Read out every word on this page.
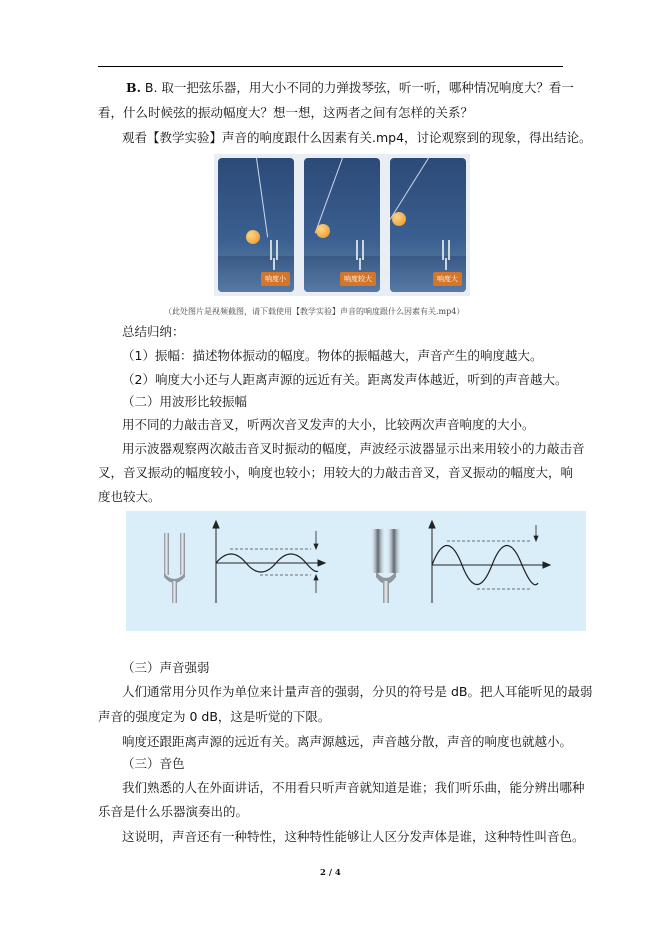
B. B. 取一把弦乐器，用大小不同的力弹拨琴弦，听一听，哪种情况响度大？看一
看，什么时候弦的振动幅度大？想一想，这两者之间有怎样的关系？
观看【教学实验】声音的响度跟什么因素有关.mp4，讨论观察到的现象，得出结论。
响度小	响度较大	响度大
（此处图片是视频截图，请下载使用【教学实验】声音的响度跟什么因素有关.mp4）
总结归纳：
（1）振幅：描述物体振动的幅度。物体的振幅越大，声音产生的响度越大。
（2）响度大小还与人距离声源的远近有关。距离发声体越近，听到的声音越大。
（二）用波形比较振幅
用不同的力敲击音叉，听两次音叉发声的大小，比较两次声音响度的大小。
用示波器观察两次敲击音叉时振动的幅度，声波经示波器显示出来用较小的力敲击音
叉，音叉振动的幅度较小，响度也较小；用较大的力敲击音叉，音叉振动的幅度大，响
度也较大。
（三）声音强弱
人们通常用分贝作为单位来计量声音的强弱，分贝的符号是 dB。把人耳能听见的最弱
声音的强度定为 0 dB，这是听觉的下限。
响度还跟距离声源的远近有关。离声源越远，声音越分散，声音的响度也就越小。
（三）音色
我们熟悉的人在外面讲话，不用看只听声音就知道是谁；我们听乐曲，能分辨出哪种
乐音是什么乐器演奏出的。
这说明，声音还有一种特性，这种特性能够让人区分发声体是谁，这种特性叫音色。
2 / 4
